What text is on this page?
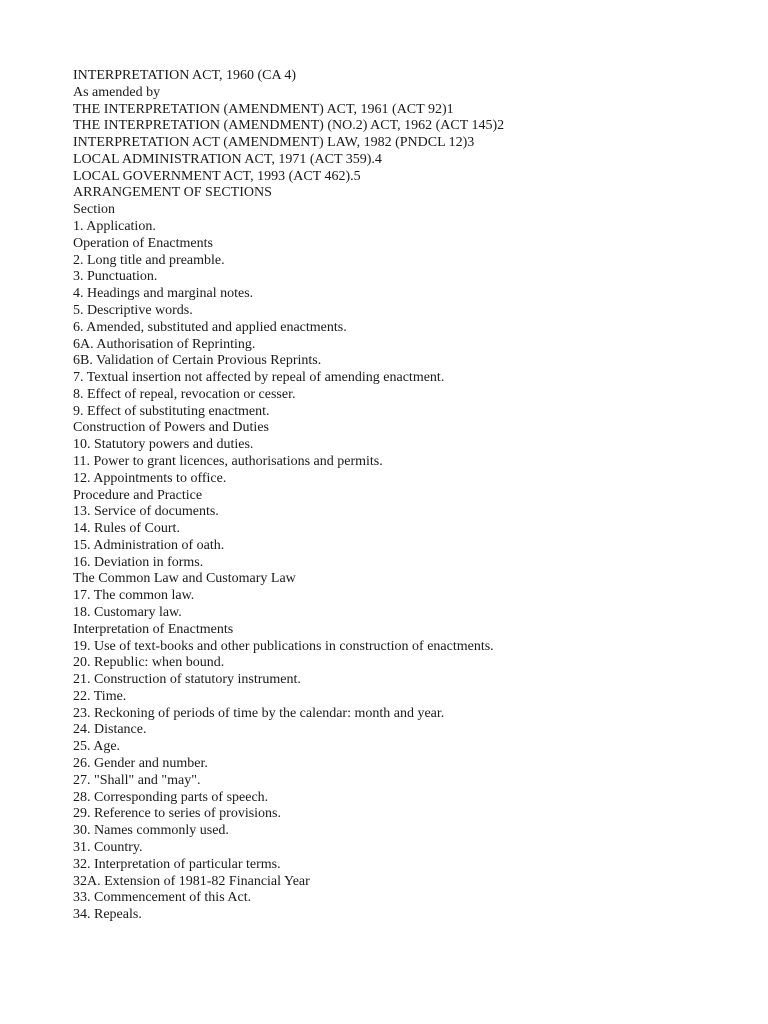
INTERPRETATION ACT, 1960 (CA 4)
As amended by
THE INTERPRETATION (AMENDMENT) ACT, 1961 (ACT 92)1
THE INTERPRETATION (AMENDMENT) (NO.2) ACT, 1962 (ACT 145)2
INTERPRETATION ACT (AMENDMENT) LAW, 1982 (PNDCL 12)3
LOCAL ADMINISTRATION ACT, 1971 (ACT 359).4
LOCAL GOVERNMENT ACT, 1993 (ACT 462).5
ARRANGEMENT OF SECTIONS
Section
1. Application.
Operation of Enactments
2. Long title and preamble.
3. Punctuation.
4. Headings and marginal notes.
5. Descriptive words.
6. Amended, substituted and applied enactments.
6A. Authorisation of Reprinting.
6B. Validation of Certain Provious Reprints.
7. Textual insertion not affected by repeal of amending enactment.
8. Effect of repeal, revocation or cesser.
9. Effect of substituting enactment.
Construction of Powers and Duties
10. Statutory powers and duties.
11. Power to grant licences, authorisations and permits.
12. Appointments to office.
Procedure and Practice
13. Service of documents.
14. Rules of Court.
15. Administration of oath.
16. Deviation in forms.
The Common Law and Customary Law
17. The common law.
18. Customary law.
Interpretation of Enactments
19. Use of text-books and other publications in construction of enactments.
20. Republic: when bound.
21. Construction of statutory instrument.
22. Time.
23. Reckoning of periods of time by the calendar: month and year.
24. Distance.
25. Age.
26. Gender and number.
27. "Shall" and "may".
28. Corresponding parts of speech.
29. Reference to series of provisions.
30. Names commonly used.
31. Country.
32. Interpretation of particular terms.
32A. Extension of 1981-82 Financial Year
33. Commencement of this Act.
34. Repeals.
